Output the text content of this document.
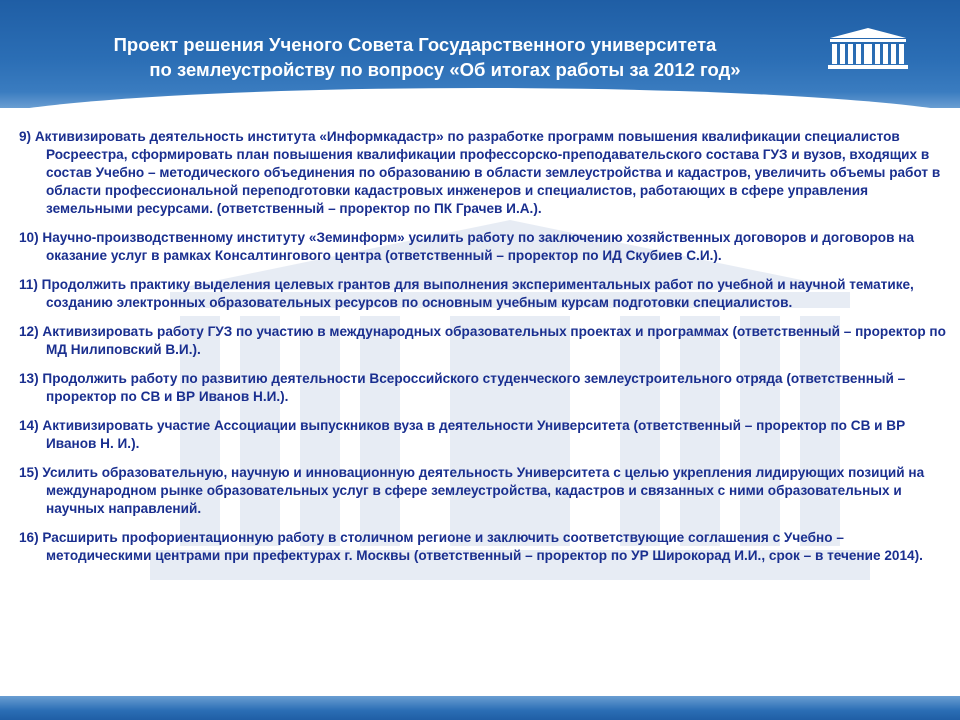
Проект решения Ученого Совета Государственного университета
по землеустройству по вопросу «Об итогах работы за 2012 год»

9) Активизировать деятельность института «Информкадастр» по разработке программ повышения квалификации специалистов Росреестра, сформировать план повышения квалификации профессорско-преподавательского состава ГУЗ и вузов, входящих в состав Учебно – методического объединения по образованию в области землеустройства и кадастров, увеличить объемы работ в области профессиональной переподготовки кадастровых инженеров и специалистов, работающих в сфере управления земельными ресурсами. (ответственный – проректор по ПК Грачев И.А.).

10) Научно-производственному институту «Земинформ» усилить работу по заключению хозяйственных договоров и договоров на оказание услуг в рамках Консалтингового центра (ответственный – проректор по ИД Скубиев С.И.).

11) Продолжить практику выделения целевых грантов для выполнения экспериментальных работ по учебной и научной тематике, созданию электронных образовательных ресурсов по основным учебным курсам подготовки специалистов.

12) Активизировать работу ГУЗ по участию в международных образовательных проектах и программах (ответственный – проректор по МД Нилиповский В.И.).

13) Продолжить работу по развитию деятельности Всероссийского студенческого землеустроительного отряда (ответственный – проректор по СВ и ВР Иванов Н.И.).

14) Активизировать участие Ассоциации выпускников вуза в деятельности Университета (ответственный – проректор по СВ и ВР Иванов Н. И.).

15) Усилить образовательную, научную и инновационную деятельность Университета с целью укрепления лидирующих позиций на международном рынке образовательных услуг в сфере землеустройства, кадастров и связанных с ними образовательных и научных направлений.

16) Расширить профориентационную работу в столичном регионе и заключить соответствующие соглашения с Учебно – методическими центрами при префектурах г. Москвы (ответственный – проректор по УР Широкорад И.И., срок – в течение 2014).
